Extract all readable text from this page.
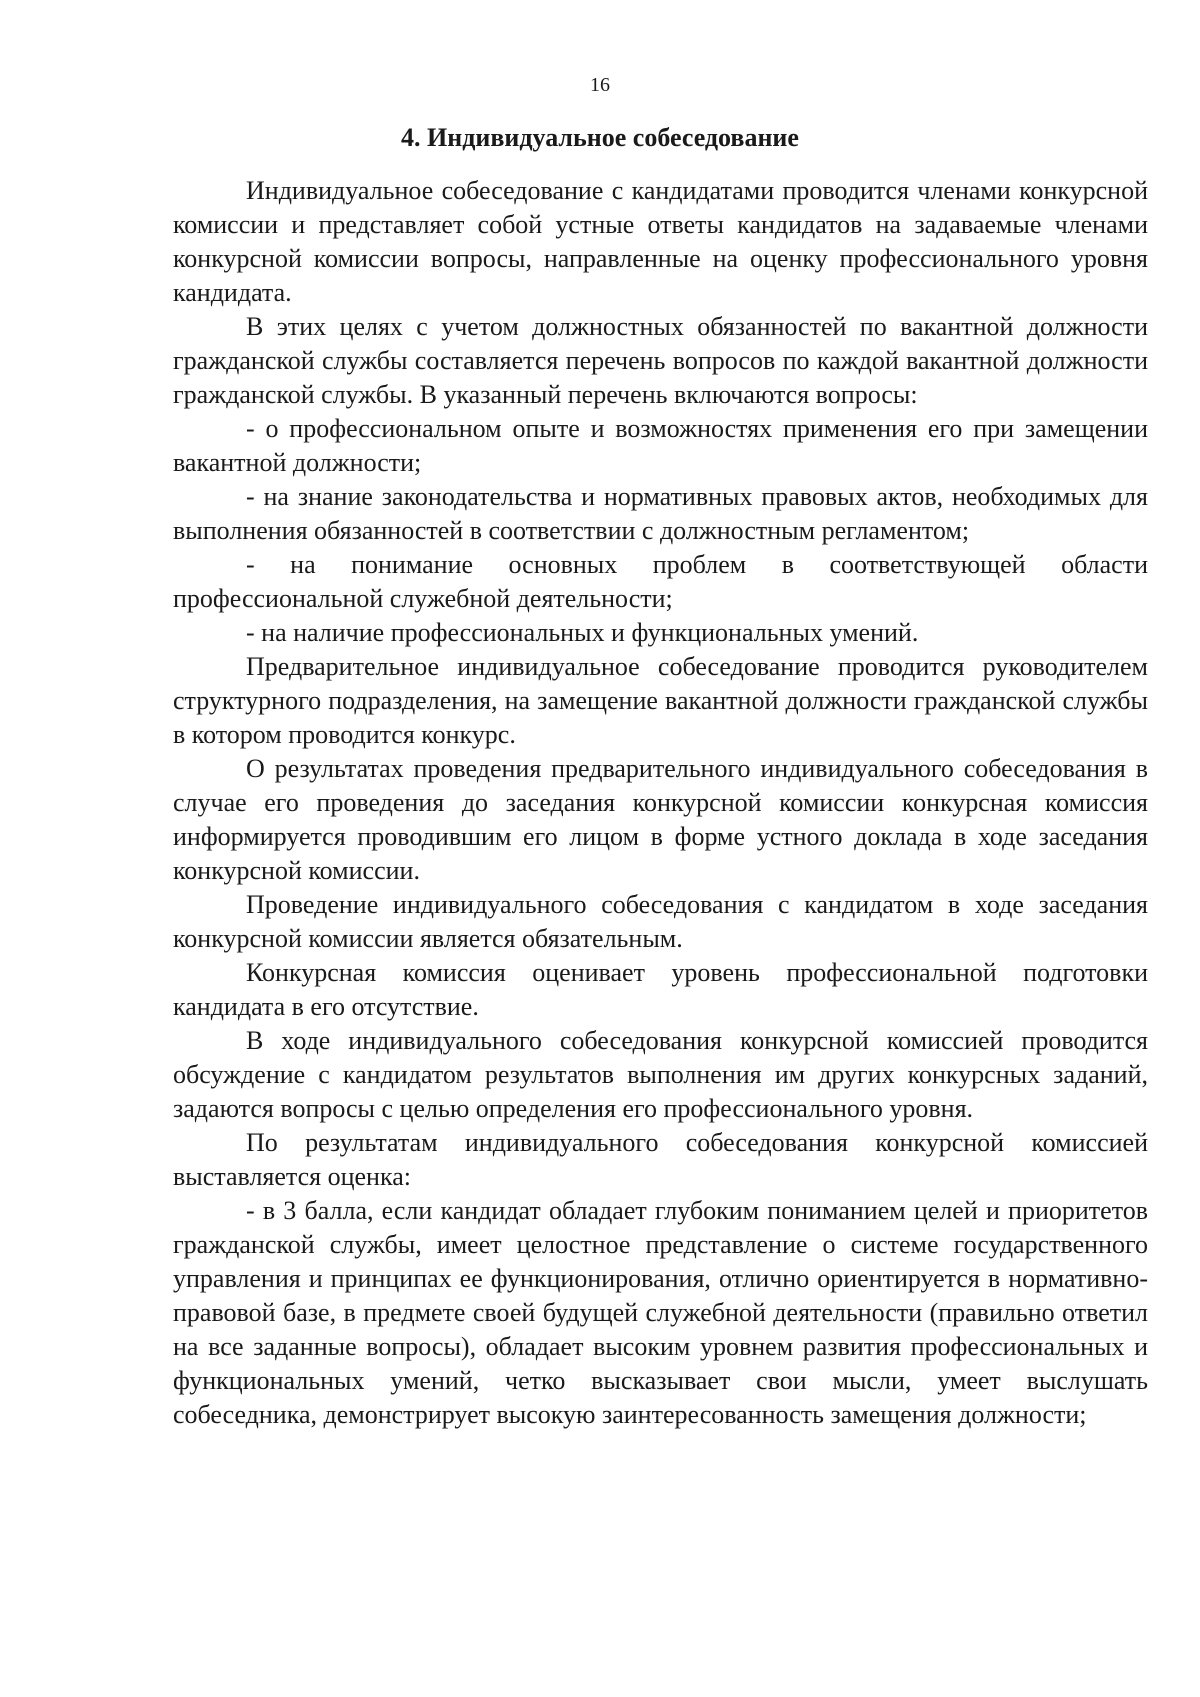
16
4. Индивидуальное собеседование

Индивидуальное собеседование с кандидатами проводится членами конкурсной комиссии и представляет собой устные ответы кандидатов на задаваемые членами конкурсной комиссии вопросы, направленные на оценку профессионального уровня кандидата.

В этих целях с учетом должностных обязанностей по вакантной должности гражданской службы составляется перечень вопросов по каждой вакантной должности гражданской службы. В указанный перечень включаются вопросы:

- о профессиональном опыте и возможностях применения его при замещении вакантной должности;

- на знание законодательства и нормативных правовых актов, необходимых для выполнения обязанностей в соответствии с должностным регламентом;

- на понимание основных проблем в соответствующей области профессиональной служебной деятельности;

- на наличие профессиональных и функциональных умений.

Предварительное индивидуальное собеседование проводится руководителем структурного подразделения, на замещение вакантной должности гражданской службы в котором проводится конкурс.

О результатах проведения предварительного индивидуального собеседования в случае его проведения до заседания конкурсной комиссии конкурсная комиссия информируется проводившим его лицом в форме устного доклада в ходе заседания конкурсной комиссии.

Проведение индивидуального собеседования с кандидатом в ходе заседания конкурсной комиссии является обязательным.

Конкурсная комиссия оценивает уровень профессиональной подготовки кандидата в его отсутствие.

В ходе индивидуального собеседования конкурсной комиссией проводится обсуждение с кандидатом результатов выполнения им других конкурсных заданий, задаются вопросы с целью определения его профессионального уровня.

По результатам индивидуального собеседования конкурсной комиссией выставляется оценка:

- в 3 балла, если кандидат обладает глубоким пониманием целей и приоритетов гражданской службы, имеет целостное представление о системе государственного управления и принципах ее функционирования, отлично ориентируется в нормативно-правовой базе, в предмете своей будущей служебной деятельности (правильно ответил на все заданные вопросы), обладает высоким уровнем развития профессиональных и функциональных умений, четко высказывает свои мысли, умеет выслушать собеседника, демонстрирует высокую заинтересованность замещения должности;
